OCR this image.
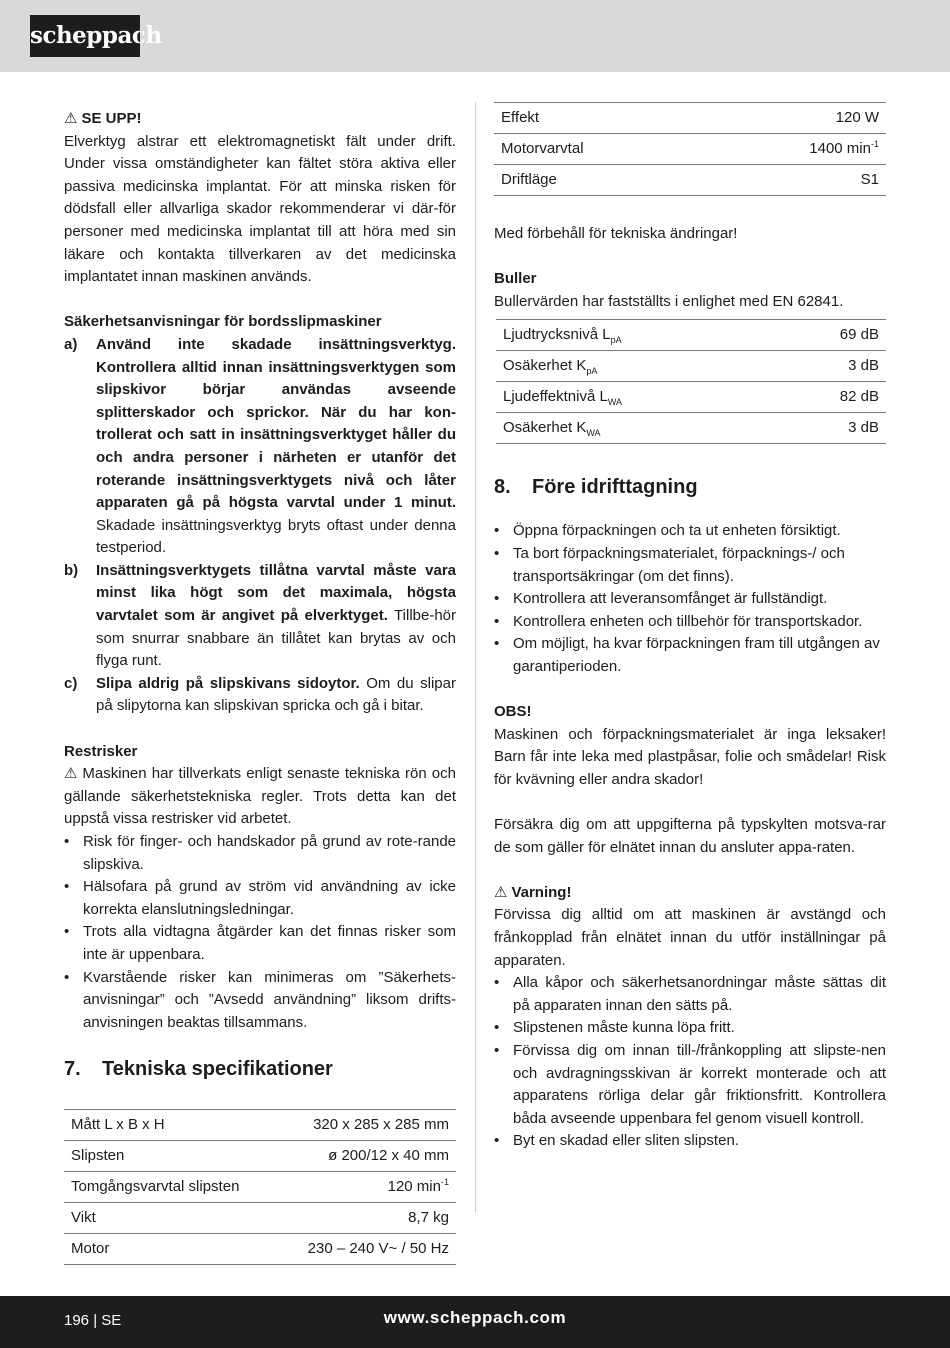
scheppach

⚠ SE UPP!

Elverktyg alstrar ett elektromagnetiskt fält under drift. Under vissa omständigheter kan fältet störa aktiva eller passiva medicinska implantat. För att minska risken för dödsfall eller allvarliga skador rekommenderar vi där-för personer med medicinska implantat till att höra med sin läkare och kontakta tillverkaren av det medicinska implantatet innan maskinen används.

Säkerhetsanvisningar för bordsslipmaskiner

a) Använd inte skadade insättningsverktyg. Kontrollera alltid innan insättningsverktygen som slipskivor börjar användas avseende splitterskador och sprickor. När du har kon-trollerat och satt in insättningsverktyget håller du och andra personer i närheten er utanför det roterande insättningsverktygets nivå och låter apparaten gå på högsta varvtal under 1 minut. Skadade insättningsverktyg bryts oftast under denna testperiod.
b) Insättningsverktygets tillåtna varvtal måste vara minst lika högt som det maximala, högsta varvtalet som är angivet på elverktyget. Tillbe-hör som snurrar snabbare än tillåtet kan brytas av och flyga runt.
c) Slipa aldrig på slipskivans sidoytor. Om du slipar på slipytorna kan slipskivan spricka och gå i bitar.

Restrisker

⚠ Maskinen har tillverkats enligt senaste tekniska rön och gällande säkerhetstekniska regler. Trots detta kan det uppstå vissa restrisker vid arbetet.

• Risk för finger- och handskador på grund av rote-rande slipskiva.
• Hälsofara på grund av ström vid användning av icke korrekta elanslutningsledningar.
• Trots alla vidtagna åtgärder kan det finnas risker som inte är uppenbara.
• Kvarstående risker kan minimeras om ”Säkerhets-anvisningar” och ”Avsedd användning” liksom drifts-anvisningen beaktas tillsammans.
7. Tekniska specifikationer
Mått L x B x H	320 x 285 x 285 mm
Slipsten	ø 200/12 x 40 mm
Tomgångsvarvtal slipsten	120 $\min^{-1}$
Vikt	8,7 kg
Motor	230 – 240 V~ / 50 Hz
Effekt	120 W
Motorvarvtal	1400 $\min^{-1}$
Driftläge	S1

Med förbehåll för tekniska ändringar!

Buller

Bullervärden har fastställts i enlighet med EN 62841.

Ljudtrycksnivå $L_{pA}$	69 dB
Osäkerhet $K_{pA}$	3 dB
Ljudeffektnivå $L_{WA}$	82 dB
Osäkerhet $K_{WA}$	3 dB
8. Före idrifttagning
• Öppna förpackningen och ta ut enheten försiktigt.
• Ta bort förpackningsmaterialet, förpacknings-/ och transportsäkringar (om det finns).
• Kontrollera att leveransomfånget är fullständigt.
• Kontrollera enheten och tillbehör för transportskador.
• Om möjligt, ha kvar förpackningen fram till utgången av garantiperioden.

OBS!

Maskinen och förpackningsmaterialet är inga leksaker! Barn får inte leka med plastpåsar, folie och smådelar! Risk för kvävning eller andra skador!

Försäkra dig om att uppgifterna på typskylten motsva-rar de som gäller för elnätet innan du ansluter appa-raten.

⚠ Varning!

Förvissa dig alltid om att maskinen är avstängd och frånkopplad från elnätet innan du utför inställningar på apparaten.

• Alla kåpor och säkerhetsanordningar måste sättas dit på apparaten innan den sätts på.
• Slipstenen måste kunna löpa fritt.
• Förvissa dig om innan till-/frånkoppling att slipste-nen och avdragningsskivan är korrekt monterade och att apparatens rörliga delar går friktionsfritt. Kontrollera båda avseende uppenbara fel genom visuell kontroll.
• Byt en skadad eller sliten slipsten.
196 | SE	www.scheppach.com
